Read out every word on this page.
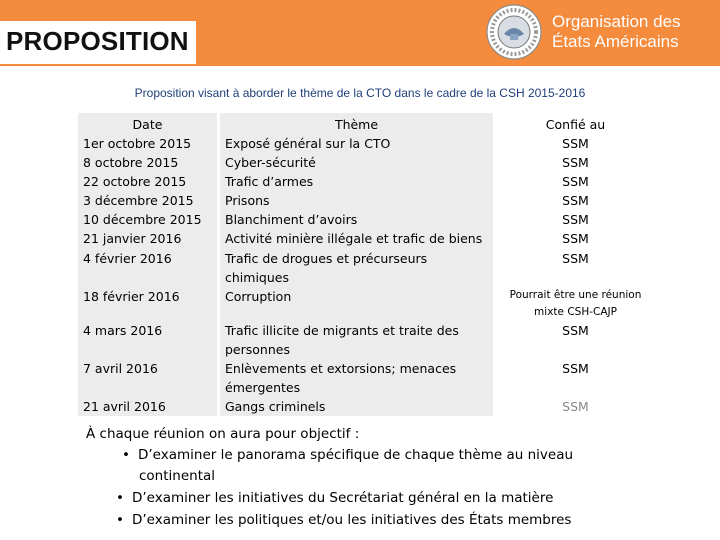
PROPOSITION
Organisation des
États Américains
Proposition visant à aborder le thème de la CTO dans le cadre de la CSH 2015-2016
Date
1er octobre 2015
8 octobre 2015
22 octobre 2015
3 décembre 2015
10 décembre 2015
21 janvier 2016
4 février 2016
18 février 2016
4 mars 2016
7 avril 2016
21 avril 2016
Thème
Exposé général sur la CTO
Cyber-sécurité
Trafic d’armes
Prisons
Blanchiment d’avoirs
Activité minière illégale et trafic de biens
Trafic de drogues et précurseurs
chimiques
Corruption
Trafic illicite de migrants et traite des
personnes
Enlèvements et extorsions; menaces
émergentes
Gangs criminels
Confié au
SSM
SSM
SSM
SSM
SSM
SSM
SSM
Pourrait être une réunion
mixte CSH-CAJP
SSM
SSM
SSM
À chaque réunion on aura pour objectif :
• D’examiner le panorama spécifique de chaque thème au niveau
continental
• D’examiner les initiatives du Secrétariat général en la matière
• D’examiner les politiques et/ou les initiatives des États membres
